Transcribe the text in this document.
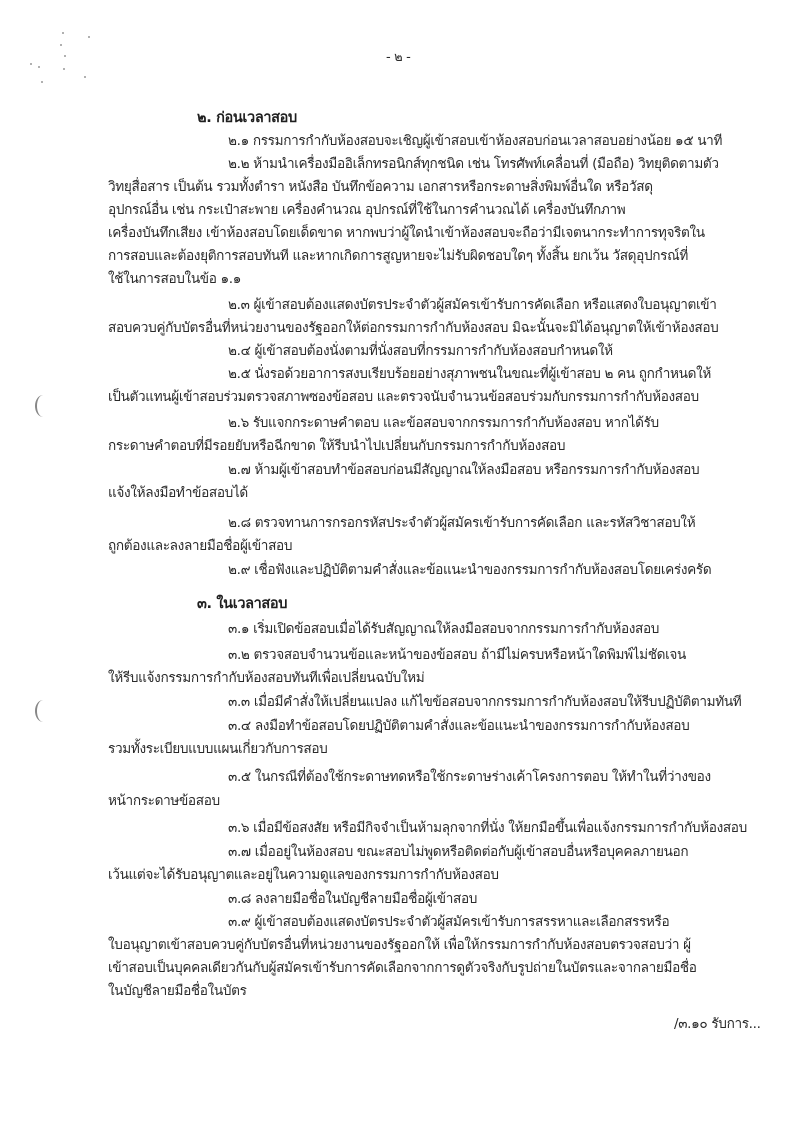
- ๒ -
๒. ก่อนเวลาสอบ
๒.๑ กรรมการกำกับห้องสอบจะเชิญผู้เข้าสอบเข้าห้องสอบก่อนเวลาสอบอย่างน้อย ๑๕ นาที
๒.๒ ห้ามนำเครื่องมืออิเล็กทรอนิกส์ทุกชนิด เช่น โทรศัพท์เคลื่อนที่ (มือถือ) วิทยุติดตามตัว
วิทยุสื่อสาร เป็นต้น รวมทั้งตำรา หนังสือ บันทึกข้อความ เอกสารหรือกระดาษสิ่งพิมพ์อื่นใด หรือวัสดุ
อุปกรณ์อื่น เช่น กระเป๋าสะพาย เครื่องคำนวณ อุปกรณ์ที่ใช้ในการคำนวณได้ เครื่องบันทึกภาพ
เครื่องบันทึกเสียง เข้าห้องสอบโดยเด็ดขาด หากพบว่าผู้ใดนำเข้าห้องสอบจะถือว่ามีเจตนากระทำการทุจริตใน
การสอบและต้องยุติการสอบทันที และหากเกิดการสูญหายจะไม่รับผิดชอบใดๆ ทั้งสิ้น ยกเว้น วัสดุอุปกรณ์ที่
ใช้ในการสอบในข้อ ๑.๑
๒.๓ ผู้เข้าสอบต้องแสดงบัตรประจำตัวผู้สมัครเข้ารับการคัดเลือก หรือแสดงใบอนุญาตเข้า
สอบควบคู่กับบัตรอื่นที่หน่วยงานของรัฐออกให้ต่อกรรมการกำกับห้องสอบ มิฉะนั้นจะมิได้อนุญาตให้เข้าห้องสอบ
๒.๔ ผู้เข้าสอบต้องนั่งตามที่นั่งสอบที่กรรมการกำกับห้องสอบกำหนดให้
๒.๕ นั่งรอด้วยอาการสงบเรียบร้อยอย่างสุภาพชนในขณะที่ผู้เข้าสอบ ๒ คน ถูกกำหนดให้
เป็นตัวแทนผู้เข้าสอบร่วมตรวจสภาพซองข้อสอบ และตรวจนับจำนวนข้อสอบร่วมกับกรรมการกำกับห้องสอบ
๒.๖ รับแจกกระดาษคำตอบ และข้อสอบจากกรรมการกำกับห้องสอบ หากได้รับ
กระดาษคำตอบที่มีรอยยับหรือฉีกขาด ให้รีบนำไปเปลี่ยนกับกรรมการกำกับห้องสอบ
๒.๗ ห้ามผู้เข้าสอบทำข้อสอบก่อนมีสัญญาณให้ลงมือสอบ หรือกรรมการกำกับห้องสอบ
แจ้งให้ลงมือทำข้อสอบได้
๒.๘ ตรวจทานการกรอกรหัสประจำตัวผู้สมัครเข้ารับการคัดเลือก และรหัสวิชาสอบให้
ถูกต้องและลงลายมือชื่อผู้เข้าสอบ
๒.๙ เชื่อฟังและปฏิบัติตามคำสั่งและข้อแนะนำของกรรมการกำกับห้องสอบโดยเคร่งครัด
๓. ในเวลาสอบ
๓.๑ เริ่มเปิดข้อสอบเมื่อได้รับสัญญาณให้ลงมือสอบจากกรรมการกำกับห้องสอบ
๓.๒ ตรวจสอบจำนวนข้อและหน้าของข้อสอบ ถ้ามีไม่ครบหรือหน้าใดพิมพ์ไม่ชัดเจน
ให้รีบแจ้งกรรมการกำกับห้องสอบทันทีเพื่อเปลี่ยนฉบับใหม่
๓.๓ เมื่อมีคำสั่งให้เปลี่ยนแปลง แก้ไขข้อสอบจากกรรมการกำกับห้องสอบให้รีบปฏิบัติตามทันที
๓.๔ ลงมือทำข้อสอบโดยปฏิบัติตามคำสั่งและข้อแนะนำของกรรมการกำกับห้องสอบ
รวมทั้งระเบียบแบบแผนเกี่ยวกับการสอบ
๓.๕ ในกรณีที่ต้องใช้กระดาษทดหรือใช้กระดาษร่างเค้าโครงการตอบ ให้ทำในที่ว่างของ
หน้ากระดาษข้อสอบ
๓.๖ เมื่อมีข้อสงสัย หรือมีกิจจำเป็นห้ามลุกจากที่นั่ง ให้ยกมือขึ้นเพื่อแจ้งกรรมการกำกับห้องสอบ
๓.๗ เมื่ออยู่ในห้องสอบ ขณะสอบไม่พูดหรือติดต่อกับผู้เข้าสอบอื่นหรือบุคคลภายนอก
เว้นแต่จะได้รับอนุญาตและอยู่ในความดูแลของกรรมการกำกับห้องสอบ
๓.๘ ลงลายมือชื่อในบัญชีลายมือชื่อผู้เข้าสอบ
๓.๙ ผู้เข้าสอบต้องแสดงบัตรประจำตัวผู้สมัครเข้ารับการสรรหาและเลือกสรรหรือ
ใบอนุญาตเข้าสอบควบคู่กับบัตรอื่นที่หน่วยงานของรัฐออกให้ เพื่อให้กรรมการกำกับห้องสอบตรวจสอบว่า ผู้
เข้าสอบเป็นบุคคลเดียวกันกับผู้สมัครเข้ารับการคัดเลือกจากการดูตัวจริงกับรูปถ่ายในบัตรและจากลายมือชื่อ
ในบัญชีลายมือชื่อในบัตร
/๓.๑๐ รับการ...
